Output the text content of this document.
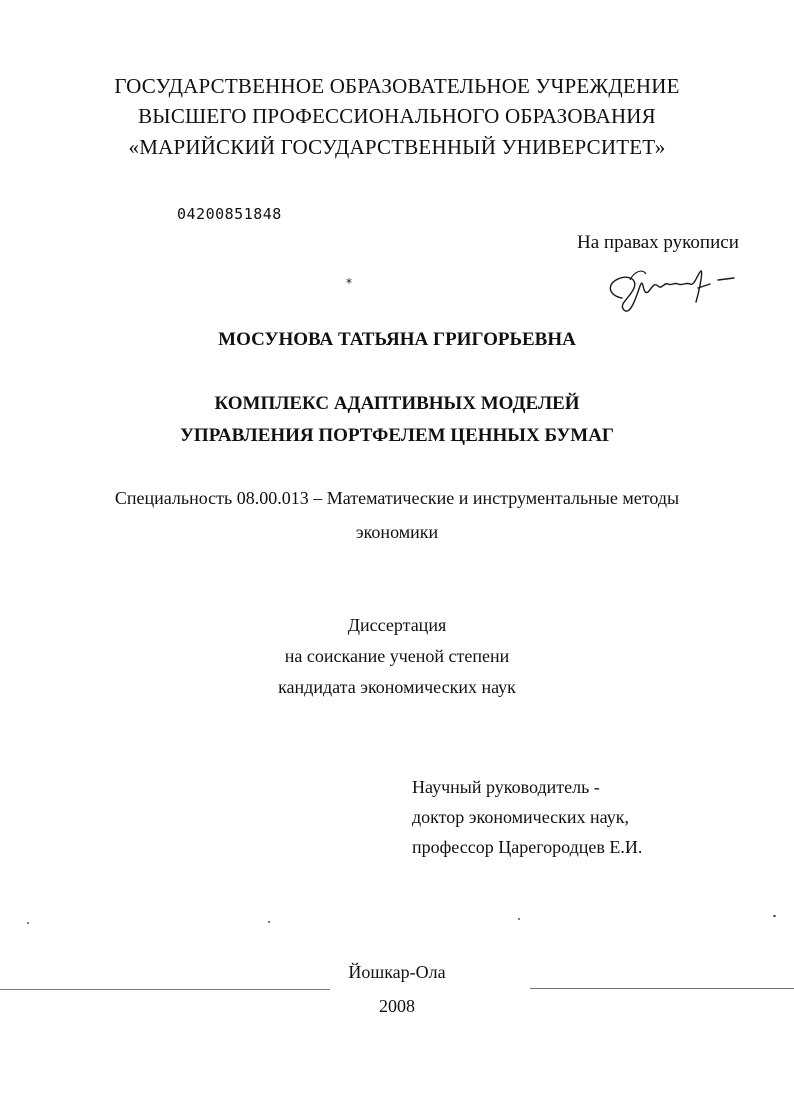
ГОСУДАРСТВЕННОЕ ОБРАЗОВАТЕЛЬНОЕ УЧРЕЖДЕНИЕ
ВЫСШЕГО ПРОФЕССИОНАЛЬНОГО ОБРАЗОВАНИЯ
«МАРИЙСКИЙ ГОСУДАРСТВЕННЫЙ УНИВЕРСИТЕТ»
04200851848
На правах рукописи
*
МОСУНОВА ТАТЬЯНА ГРИГОРЬЕВНА
КОМПЛЕКС АДАПТИВНЫХ МОДЕЛЕЙ
УПРАВЛЕНИЯ ПОРТФЕЛЕМ ЦЕННЫХ БУМАГ
Специальность 08.00.013 – Математические и инструментальные методы
экономики
Диссертация
на соискание ученой степени
кандидата экономических наук
Научный руководитель -
доктор экономических наук,
профессор Царегородцев Е.И.
Йошкар-Ола
2008
